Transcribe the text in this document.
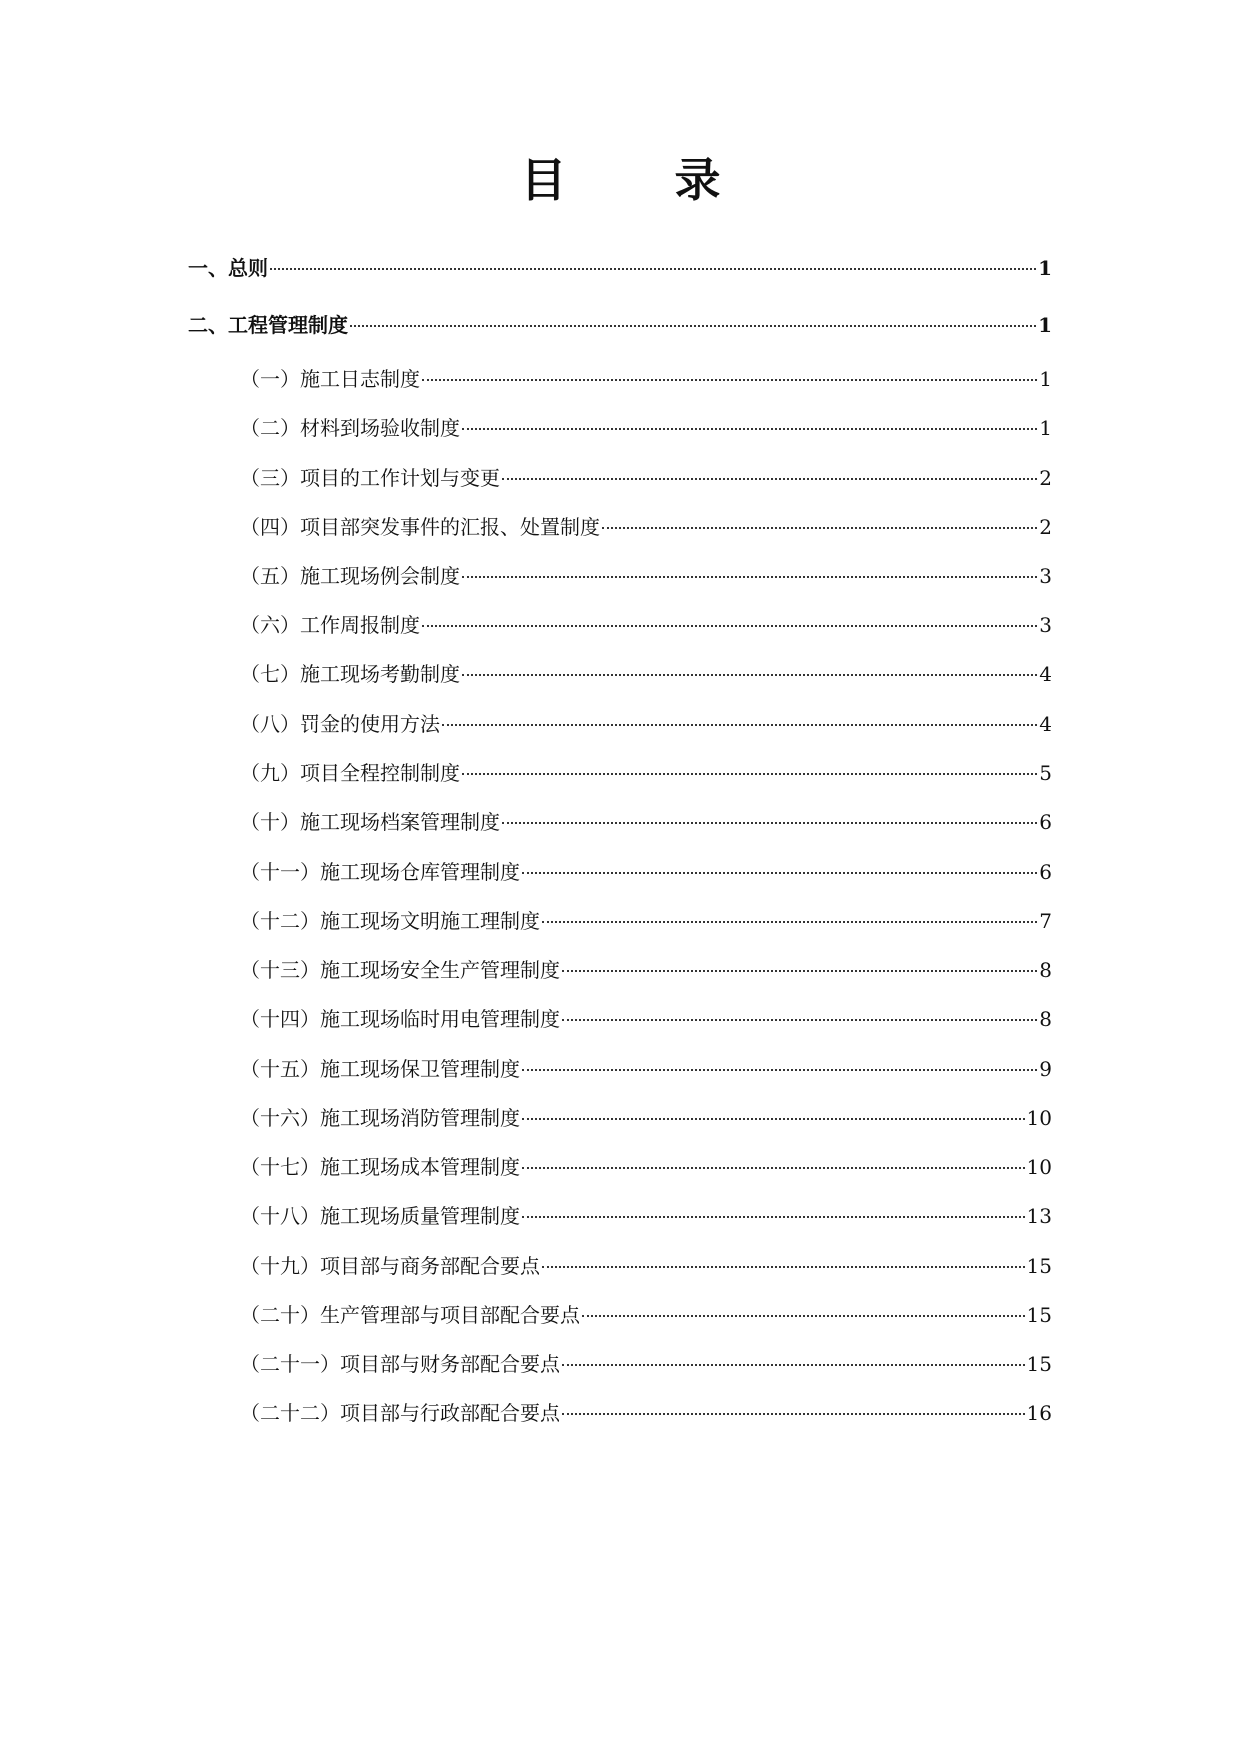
目 录
一、总则	1
二、工程管理制度	1
（一）施工日志制度	1
（二）材料到场验收制度	1
（三）项目的工作计划与变更	2
（四）项目部突发事件的汇报、处置制度	2
（五）施工现场例会制度	3
（六）工作周报制度	3
（七）施工现场考勤制度	4
（八）罚金的使用方法	4
（九）项目全程控制制度	5
（十）施工现场档案管理制度	6
（十一）施工现场仓库管理制度	6
（十二）施工现场文明施工理制度	7
（十三）施工现场安全生产管理制度	8
（十四）施工现场临时用电管理制度	8
（十五）施工现场保卫管理制度	9
（十六）施工现场消防管理制度	10
（十七）施工现场成本管理制度	10
（十八）施工现场质量管理制度	13
（十九）项目部与商务部配合要点	15
（二十）生产管理部与项目部配合要点	15
（二十一）项目部与财务部配合要点	15
（二十二）项目部与行政部配合要点	16
